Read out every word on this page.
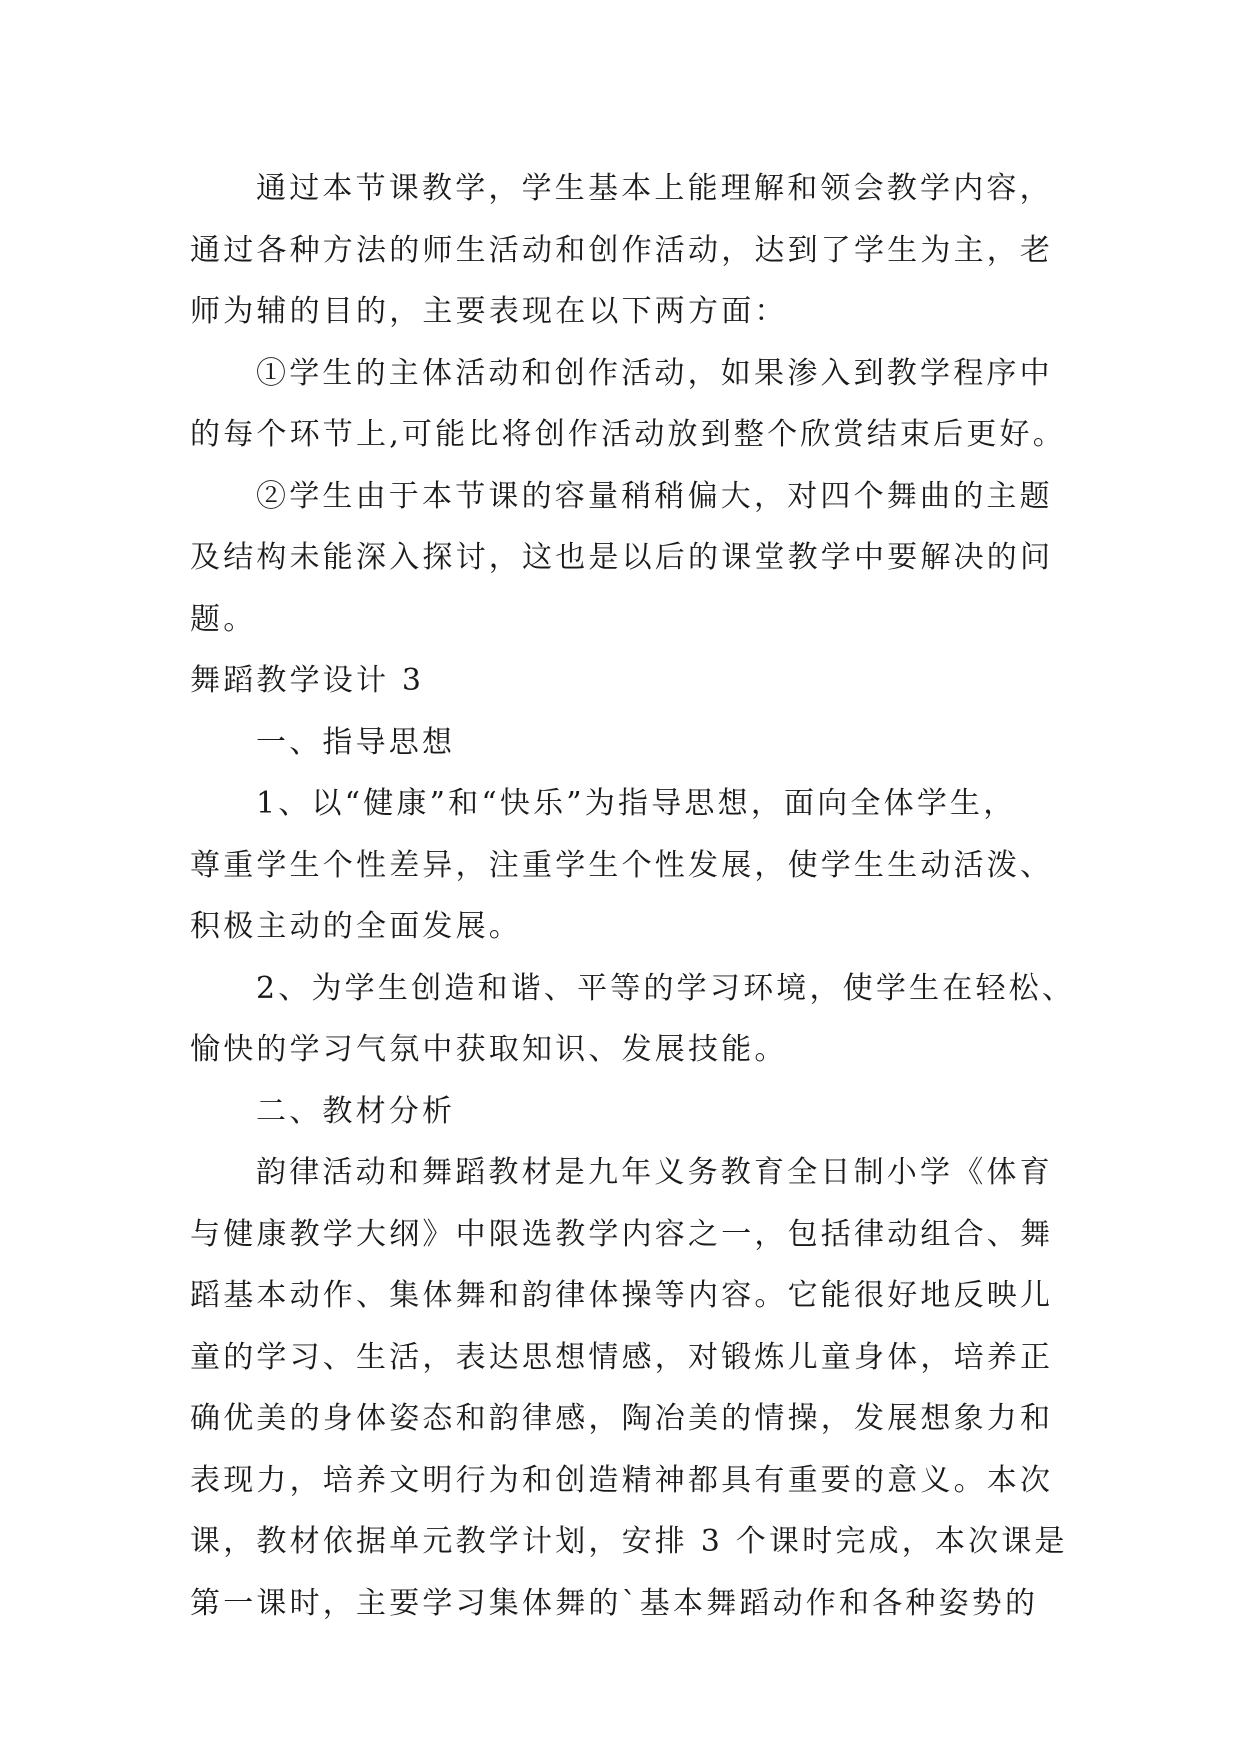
通过本节课教学，学生基本上能理解和领会教学内容，
通过各种方法的师生活动和创作活动，达到了学生为主，老
师为辅的目的，主要表现在以下两方面：
①学生的主体活动和创作活动，如果渗入到教学程序中
的每个环节上,可能比将创作活动放到整个欣赏结束后更好。
②学生由于本节课的容量稍稍偏大，对四个舞曲的主题
及结构未能深入探讨，这也是以后的课堂教学中要解决的问
题。
舞蹈教学设计 3
一、指导思想
1、以“健康”和“快乐”为指导思想，面向全体学生，
尊重学生个性差异，注重学生个性发展，使学生生动活泼、
积极主动的全面发展。
2、为学生创造和谐、平等的学习环境，使学生在轻松、
愉快的学习气氛中获取知识、发展技能。
二、教材分析
韵律活动和舞蹈教材是九年义务教育全日制小学《体育
与健康教学大纲》中限选教学内容之一，包括律动组合、舞
蹈基本动作、集体舞和韵律体操等内容。它能很好地反映儿
童的学习、生活，表达思想情感，对锻炼儿童身体，培养正
确优美的身体姿态和韵律感，陶冶美的情操，发展想象力和
表现力，培养文明行为和创造精神都具有重要的意义。本次
课，教材依据单元教学计划，安排 3 个课时完成，本次课是
第一课时，主要学习集体舞的`基本舞蹈动作和各种姿势的
